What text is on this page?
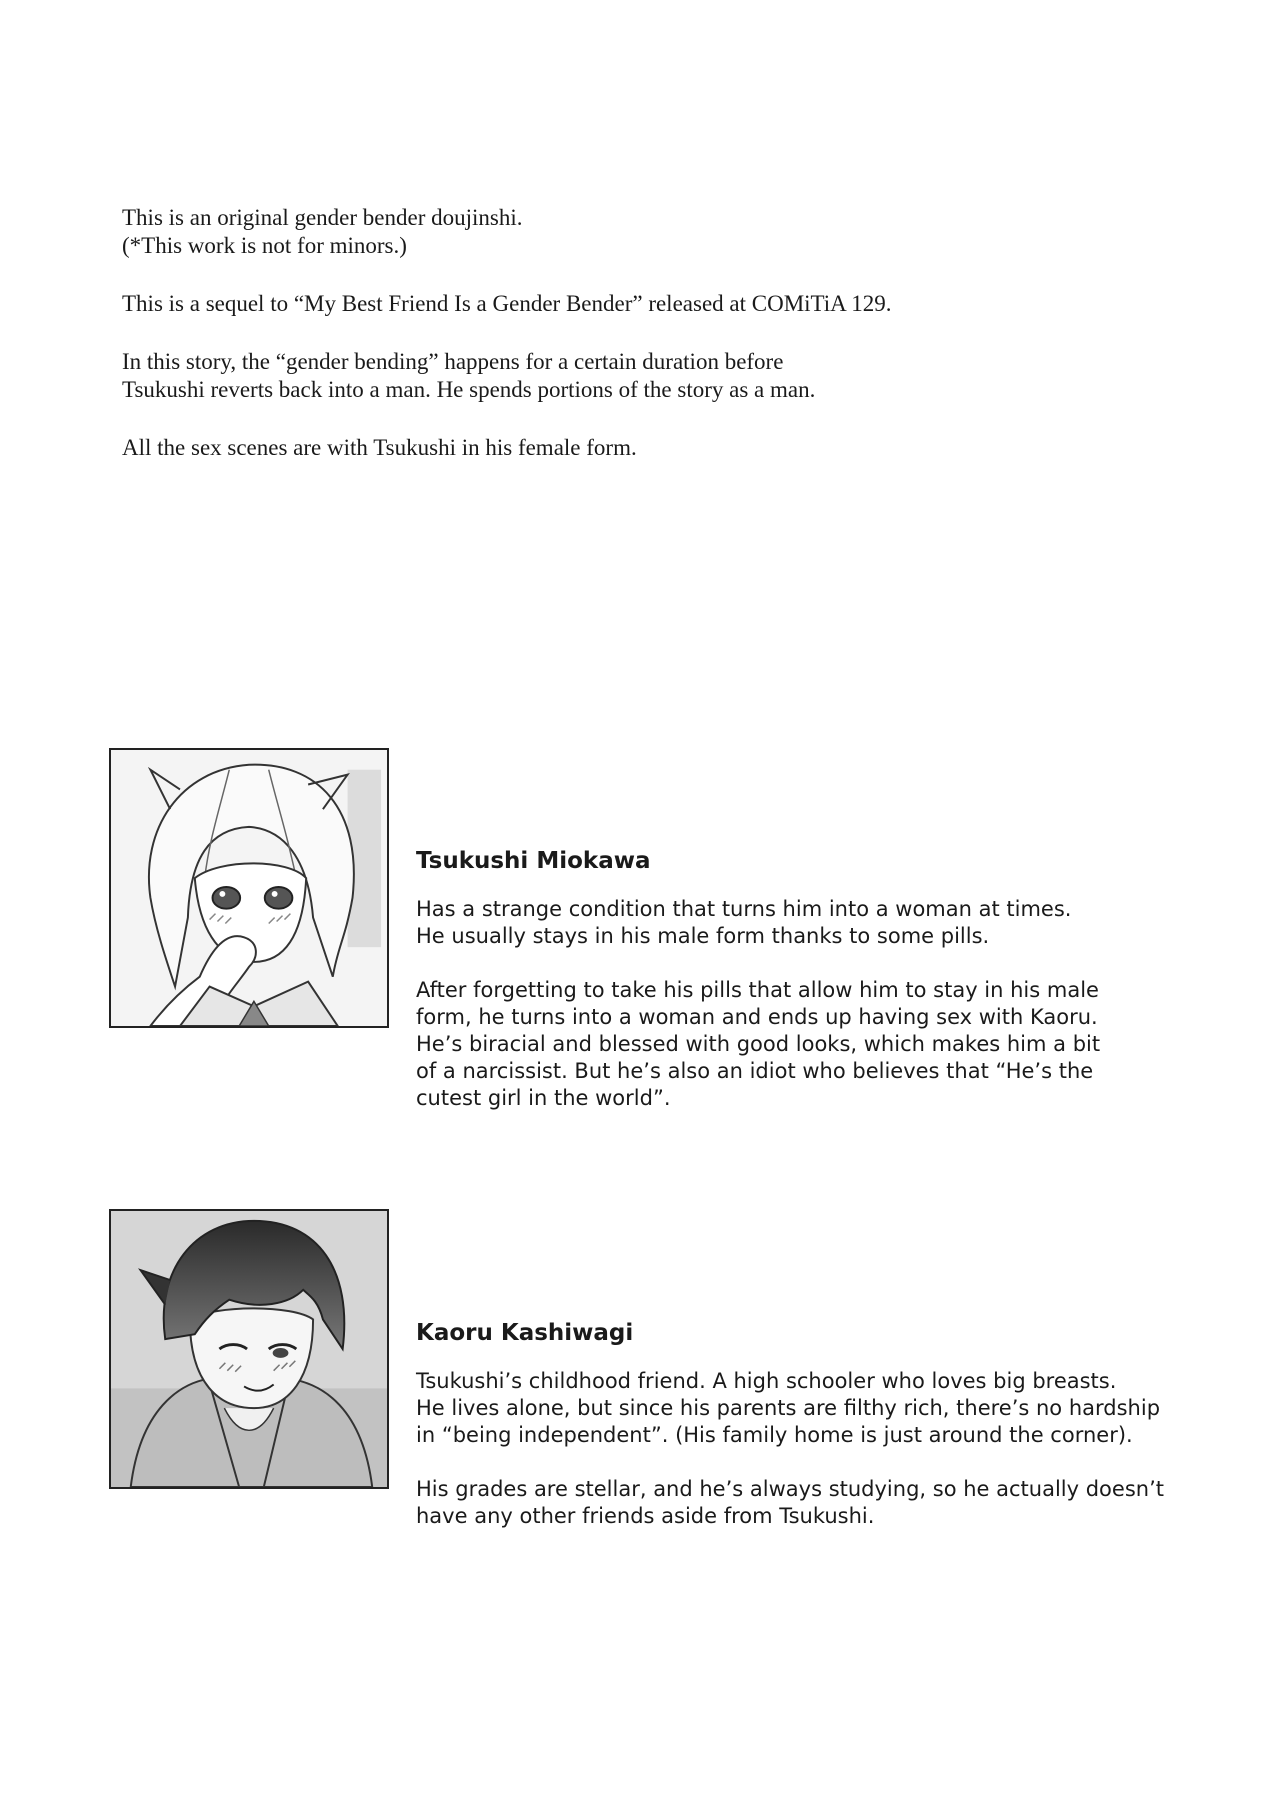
This is an original gender bender doujinshi.
(*This work is not for minors.)

This is a sequel to “My Best Friend Is a Gender Bender” released at COMiTiA 129.

In this story, the “gender bending” happens for a certain duration before
Tsukushi reverts back into a man. He spends portions of the story as a man.

All the sex scenes are with Tsukushi in his female form.

Tsukushi Miokawa

Has a strange condition that turns him into a woman at times.
He usually stays in his male form thanks to some pills.

After forgetting to take his pills that allow him to stay in his male
form, he turns into a woman and ends up having sex with Kaoru.
He’s biracial and blessed with good looks, which makes him a bit
of a narcissist. But he’s also an idiot who believes that “He’s the
cutest girl in the world”.

Kaoru Kashiwagi

Tsukushi’s childhood friend. A high schooler who loves big breasts.
He lives alone, but since his parents are filthy rich, there’s no hardship
in “being independent”. (His family home is just around the corner).

His grades are stellar, and he’s always studying, so he actually doesn’t
have any other friends aside from Tsukushi.
